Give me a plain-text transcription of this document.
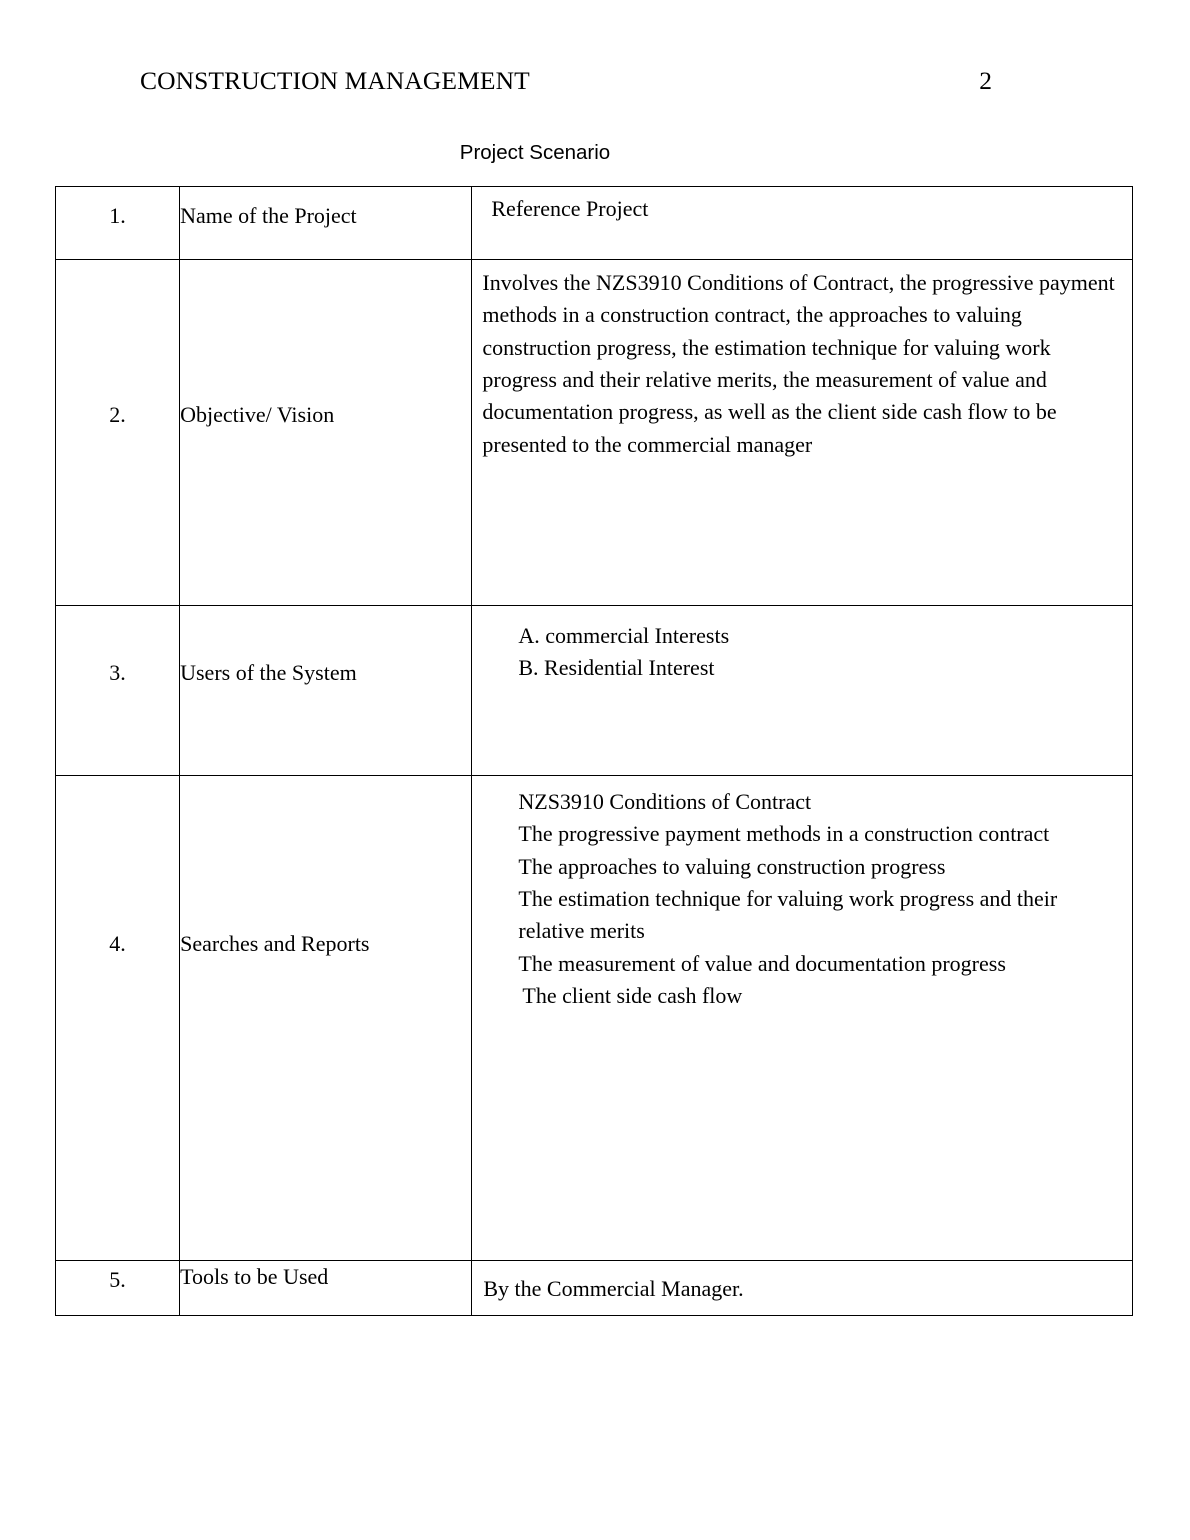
CONSTRUCTION MANAGEMENT	2
Project Scenario
1.	Name of the Project	Reference Project
2.	Objective/ Vision	Involves the NZS3910 Conditions of Contract, the progressive payment methods in a construction contract, the approaches to valuing construction progress, the estimation technique for valuing work progress and their relative merits, the measurement of value and documentation progress, as well as the client side cash flow to be presented to the commercial manager
3.	Users of the System	A. commercial Interests

B. Residential Interest

4.	Searches and Reports	

NZS3910 Conditions of Contract

The progressive payment methods in a construction contract

The approaches to valuing construction progress

The estimation technique for valuing work progress and their relative merits

The measurement of value and documentation progress

The client side cash flow

5.	Tools to be Used	By the Commercial Manager.
